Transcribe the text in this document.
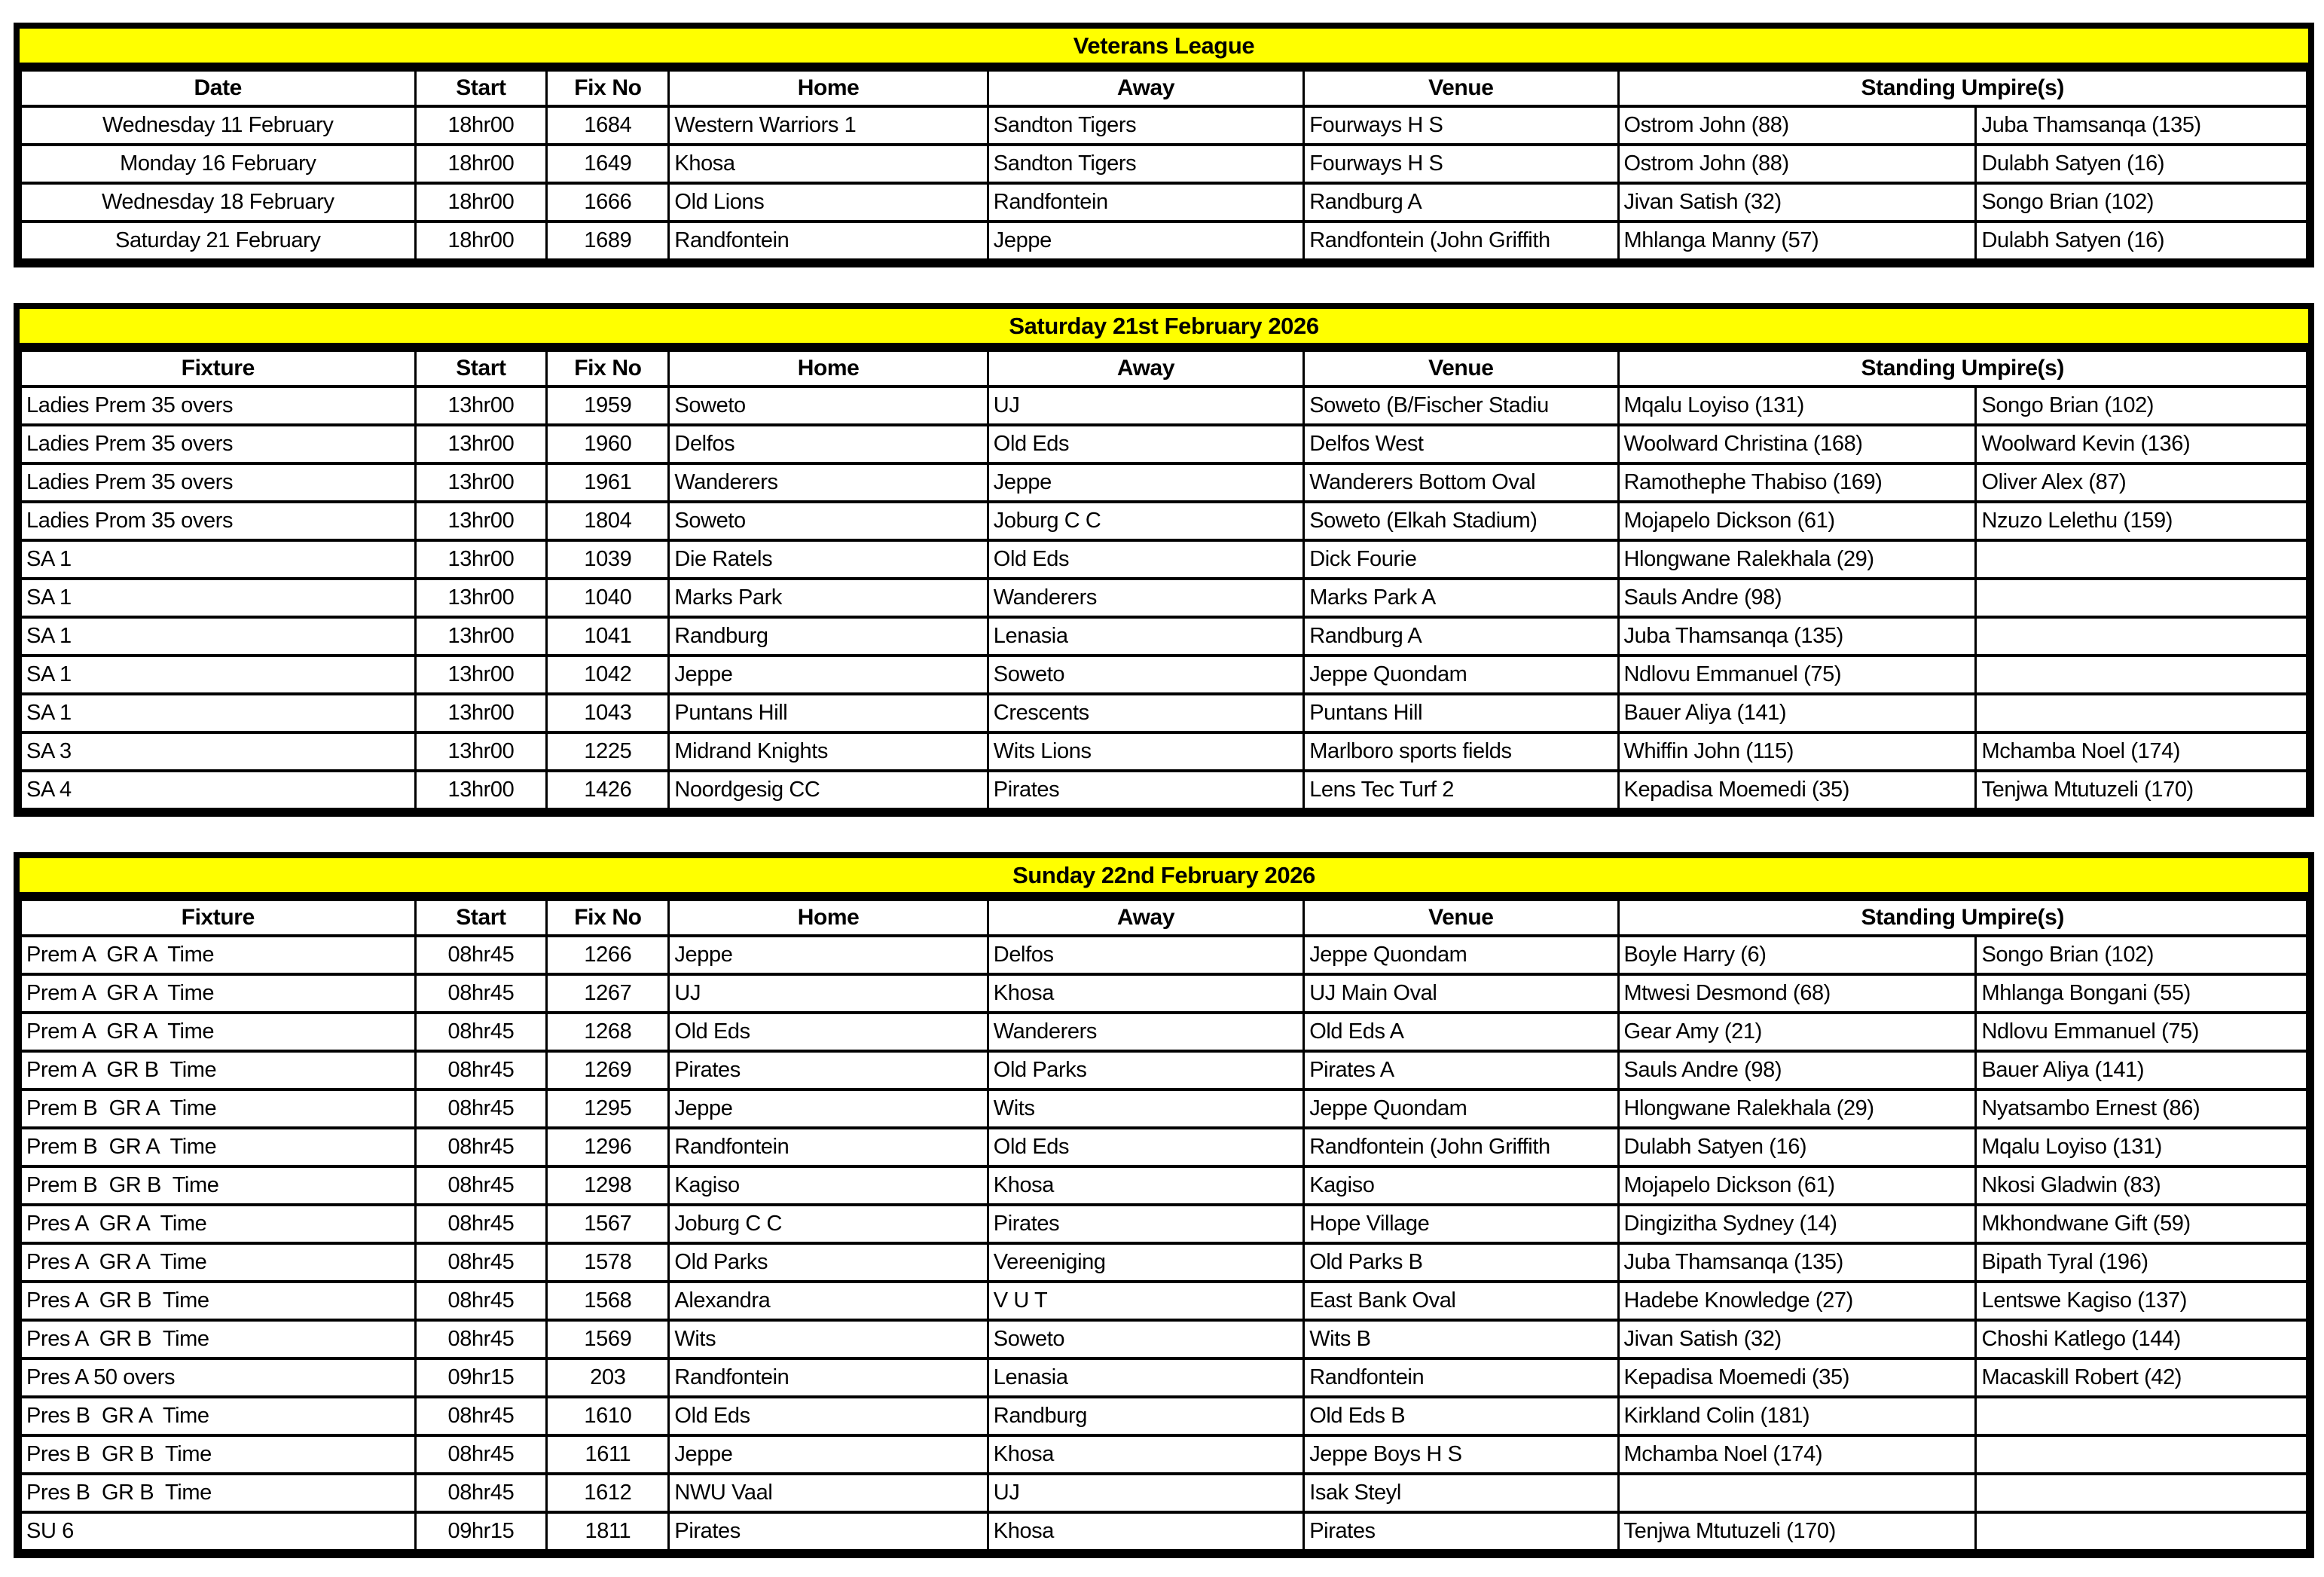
Veterans League
Date	Start	Fix No	Home	Away	Venue	Standing Umpire(s)	
Wednesday 11 February	18hr00	1684	Western Warriors 1	Sandton Tigers	Fourways H S	Ostrom John (88)	Juba Thamsanqa (135)
Monday 16 February	18hr00	1649	Khosa	Sandton Tigers	Fourways H S	Ostrom John (88)	Dulabh Satyen (16)
Wednesday 18 February	18hr00	1666	Old Lions	Randfontein	Randburg A	Jivan Satish (32)	Songo Brian (102)
Saturday 21 February	18hr00	1689	Randfontein	Jeppe	Randfontein (John Griffith	Mhlanga Manny (57)	Dulabh Satyen (16)
Saturday 21st February 2026
Fixture	Start	Fix No	Home	Away	Venue	Standing Umpire(s)	
Ladies Prem 35 overs	13hr00	1959	Soweto	UJ	Soweto (B/Fischer Stadiu	Mqalu Loyiso (131)	Songo Brian (102)
Ladies Prem 35 overs	13hr00	1960	Delfos	Old Eds	Delfos West	Woolward Christina (168)	Woolward Kevin (136)
Ladies Prem 35 overs	13hr00	1961	Wanderers	Jeppe	Wanderers Bottom Oval	Ramothephe Thabiso (169)	Oliver Alex (87)
Ladies Prom 35 overs	13hr00	1804	Soweto	Joburg C C	Soweto (Elkah Stadium)	Mojapelo Dickson (61)	Nzuzo Lelethu (159)
SA 1	13hr00	1039	Die Ratels	Old Eds	Dick Fourie	Hlongwane Ralekhala (29)	
SA 1	13hr00	1040	Marks Park	Wanderers	Marks Park A	Sauls Andre (98)	
SA 1	13hr00	1041	Randburg	Lenasia	Randburg A	Juba Thamsanqa (135)	
SA 1	13hr00	1042	Jeppe	Soweto	Jeppe Quondam	Ndlovu Emmanuel (75)	
SA 1	13hr00	1043	Puntans Hill	Crescents	Puntans Hill	Bauer Aliya (141)	
SA 3	13hr00	1225	Midrand Knights	Wits Lions	Marlboro sports fields	Whiffin John (115)	Mchamba Noel (174)
SA 4	13hr00	1426	Noordgesig CC	Pirates	Lens Tec Turf 2	Kepadisa Moemedi (35)	Tenjwa Mtutuzeli (170)
Sunday 22nd February 2026
Fixture	Start	Fix No	Home	Away	Venue	Standing Umpire(s)	
Prem A  GR A  Time	08hr45	1266	Jeppe	Delfos	Jeppe Quondam	Boyle Harry (6)	Songo Brian (102)
Prem A  GR A  Time	08hr45	1267	UJ	Khosa	UJ Main Oval	Mtwesi Desmond (68)	Mhlanga Bongani (55)
Prem A  GR A  Time	08hr45	1268	Old Eds	Wanderers	Old Eds A	Gear Amy (21)	Ndlovu Emmanuel (75)
Prem A  GR B  Time	08hr45	1269	Pirates	Old Parks	Pirates A	Sauls Andre (98)	Bauer Aliya (141)
Prem B  GR A  Time	08hr45	1295	Jeppe	Wits	Jeppe Quondam	Hlongwane Ralekhala (29)	Nyatsambo Ernest (86)
Prem B  GR A  Time	08hr45	1296	Randfontein	Old Eds	Randfontein (John Griffith	Dulabh Satyen (16)	Mqalu Loyiso (131)
Prem B  GR B  Time	08hr45	1298	Kagiso	Khosa	Kagiso	Mojapelo Dickson (61)	Nkosi Gladwin (83)
Pres A  GR A  Time	08hr45	1567	Joburg C C	Pirates	Hope Village	Dingizitha Sydney (14)	Mkhondwane Gift (59)
Pres A  GR A  Time	08hr45	1578	Old Parks	Vereeniging	Old Parks B	Juba Thamsanqa (135)	Bipath Tyral (196)
Pres A  GR B  Time	08hr45	1568	Alexandra	V U T	East Bank Oval	Hadebe Knowledge (27)	Lentswe Kagiso (137)
Pres A  GR B  Time	08hr45	1569	Wits	Soweto	Wits B	Jivan Satish (32)	Choshi Katlego (144)
Pres A 50 overs	09hr15	203	Randfontein	Lenasia	Randfontein	Kepadisa Moemedi (35)	Macaskill Robert (42)
Pres B  GR A  Time	08hr45	1610	Old Eds	Randburg	Old Eds B	Kirkland Colin (181)	
Pres B  GR B  Time	08hr45	1611	Jeppe	Khosa	Jeppe Boys H S	Mchamba Noel (174)	
Pres B  GR B  Time	08hr45	1612	NWU Vaal	UJ	Isak Steyl		
SU 6	09hr15	1811	Pirates	Khosa	Pirates	Tenjwa Mtutuzeli (170)	
